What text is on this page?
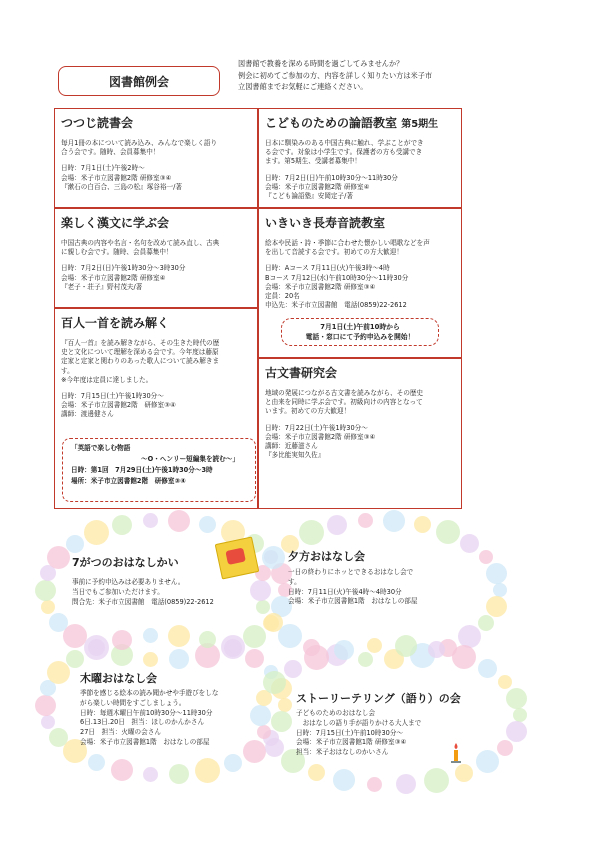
図書館例会
図書館で教養を深める時間を過ごしてみませんか？
例会に初めてご参加の方、内容を詳しく知りたい方は米子市
立図書館までお気軽にご連絡ください。
つつじ読書会
毎月1冊の本について読み込み、みんなで楽しく語り
合う会です。随時、会員募集中！
日時：7月1日(土)午後2時～
会場：米子市立図書館2階 研修室③④
『漱石の白百合、三島の松』塚谷裕一/著
こどものための論語教室 第5期生
日本に馴染みのある中国古典に触れ、学ぶことができ
る会です。対象は小学生です。保護者の方も受講でき
ます。第5期生、受講者募集中！
日時：7月2日(日)午前10時30分～11時30分
会場：米子市立図書館2階 研修室④
『こども論語塾』安岡定子/著
楽しく漢文に学ぶ会
中国古典の内容や名言・名句を改めて読み直し、古典
に親しむ会です。随時、会員募集中！
日時：7月2日(日)午後1時30分～3時30分
会場：米子市立図書館2階 研修室④
『老子・荘子』野村茂夫/著
いきいき長寿音読教室
絵本や民話・詩・季節に合わせた懐かしい唱歌などを声
を出して音読する会です。初めての方大歓迎！
日時：Aコース 7月11日(火)午後3時～4時
Bコース 7月12日(水)午前10時30分～11時30分
会場：米子市立図書館2階 研修室③④
定員：20名
申込先：米子市立図書館　電話(0859)22-2612
7月1日(土)午前10時から
電話・窓口にて予約申込みを開始！
百人一首を読み解く
『百人一首』を読み解きながら、その生きた時代の歴
史と文化について理解を深める会です。今年度は藤原
定家と定家と関わりのあった歌人について読み解きま
す。
※今年度は定員に達しました。
日時：7月15日(土)午後1時30分～
会場：米子市立図書館2階　研修室③④
講師：渡邊健さん
古文書研究会
地域の発展につながる古文書を読みながら、その歴史
と由来を同時に学ぶ会です。初級向けの内容となって
います。初めての方大歓迎！
日時：7月22日(土)午後1時30分～
会場：米子市立図書館2階 研修室③④
講師：近藤滋さん
『多比能実知久佐』
「英語で楽しむ物語
～O・ヘンリー短編集を読む～」
日時：第1回　7月29日(土)午後1時30分～3時
場所：米子市立図書館2階　研修室③④
7がつのおはなしかい
事前に予約申込みは必要ありません。
当日でもご参加いただけます。
問合先：米子市立図書館　電話(0859)22-2612
夕方おはなし会
一日の終わりにホッとできるおはなし会で
す。
日時：7月11日(火)午後4時～4時30分
会場：米子市立図書館1階　おはなしの部屋
木曜おはなし会
季節を感じる絵本の読み聞かせや手遊びをしな
がら楽しい時間をすごしましょう。
日時：毎週木曜日午前10時30分～11時30分
6日.13日.20日　担当：ほしのかんかさん
27日　担当：火曜の会さん
会場：米子市立図書館1階　おはなしの部屋
ストーリーテリング（語り）の会
子どものためのおはなし会
　おはなしの語り手が語りかける大人まで
日時：7月15日(土)午前10時30分～
会場：米子市立図書館1階 研修室③④
担当：米子おはなしのかいさん
